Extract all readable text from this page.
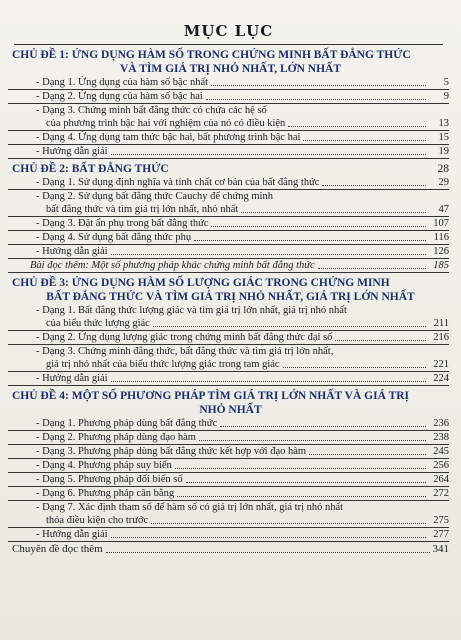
MỤC LỤC
CHỦ ĐỀ 1: ỨNG DỤNG HÀM SỐ TRONG CHỨNG MINH BẤT ĐẲNG THỨC
VÀ TÌM GIÁ TRỊ NHỎ NHẤT, LỚN NHẤT
- Dạng 1. Ứng dụng của hàm số bậc nhất	5
- Dạng 2. Ứng dụng của hàm số bậc hai	9
- Dạng 3. Chứng minh bất đẳng thức có chứa các hệ số
của phương trình bậc hai với nghiệm của nó có điều kiện	13
- Dạng 4. Ứng dụng tam thức bậc hai, bất phương trình bậc hai	15
- Hướng dẫn giải	19
CHỦ ĐỀ 2: BẤT ĐẲNG THỨC	28
- Dạng 1. Sử dụng định nghĩa và tính chất cơ bản của bất đẳng thức	29
- Dạng 2. Sử dụng bất đẳng thức Cauchy để chứng minh
bất đẳng thức và tìm giá trị lớn nhất, nhỏ nhất	47
- Dạng 3. Đặt ẩn phụ trong bất đẳng thức	107
- Dạng 4. Sử dụng bất đẳng thức phụ	116
- Hướng dẫn giải	126
Bài đọc thêm: Một số phương pháp khác chứng minh bất đẳng thức	185
CHỦ ĐỀ 3: ỨNG DỤNG HÀM SỐ LƯỢNG GIÁC TRONG CHỨNG MINH
BẤT ĐẲNG THỨC VÀ TÌM GIÁ TRỊ NHỎ NHẤT, GIÁ TRỊ LỚN NHẤT
- Dạng 1. Bất đẳng thức lượng giác và tìm giá trị lớn nhất, giá trị nhỏ nhất
của biểu thức lượng giác	211
- Dạng 2. Ứng dụng lượng giác trong chứng minh bất đẳng thức đại số	216
- Dạng 3. Chứng minh đẳng thức, bất đẳng thức và tìm giá trị lớn nhất,
giá trị nhỏ nhất của biểu thức lượng giác trong tam giác	221
- Hướng dẫn giải	224
CHỦ ĐỀ 4: MỘT SỐ PHƯƠNG PHÁP TÌM GIÁ TRỊ LỚN NHẤT VÀ GIÁ TRỊ
NHỎ NHẤT
- Dạng 1. Phương pháp dùng bất đẳng thức	236
- Dạng 2. Phương pháp dùng đạo hàm	238
- Dạng 3. Phương pháp dùng bất đẳng thức kết hợp với đạo hàm	245
- Dạng 4. Phương pháp suy biến	256
- Dạng 5. Phương pháp đổi biến số	264
- Dạng 6. Phương pháp cân bằng	272
- Dạng 7. Xác định tham số để hàm số có giá trị lớn nhất, giá trị nhỏ nhất
thỏa điều kiện cho trước	275
- Hướng dẫn giải	277
Chuyên đề đọc thêm	341
